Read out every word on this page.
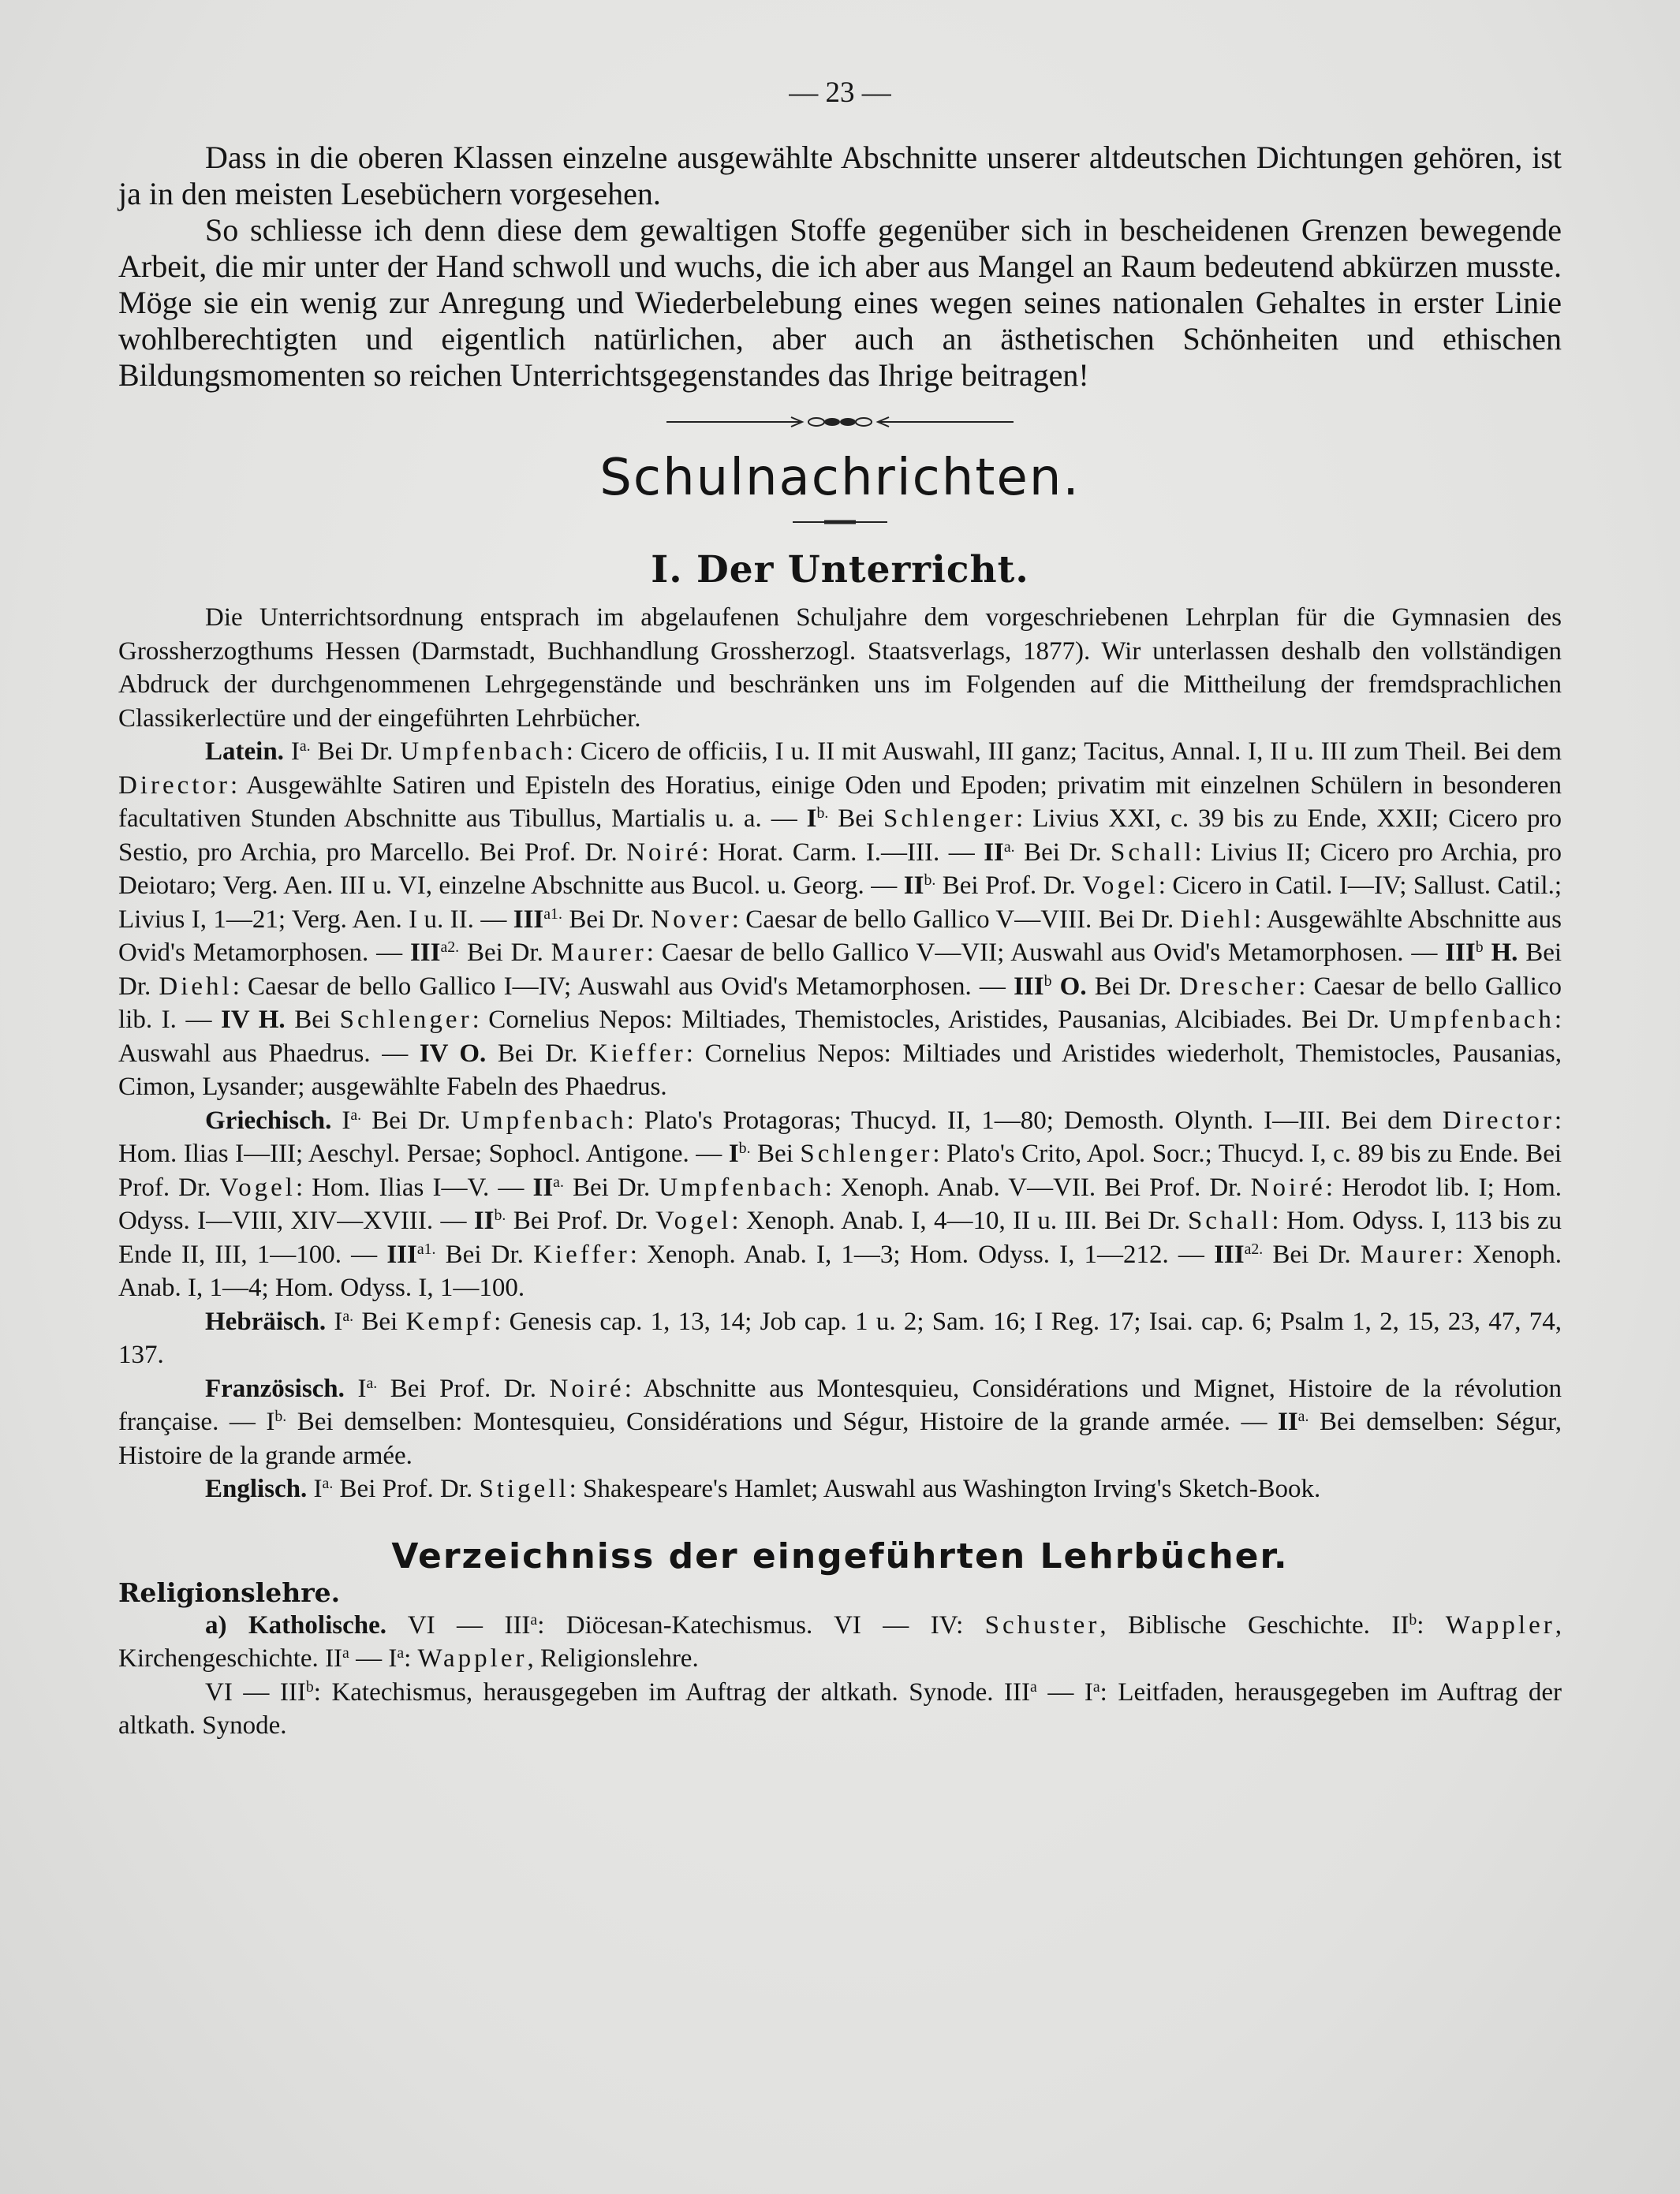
— 23 —

Dass in die oberen Klassen einzelne ausgewählte Abschnitte unserer altdeutschen Dichtungen gehören, ist ja in den meisten Lesebüchern vorgesehen.

So schliesse ich denn diese dem gewaltigen Stoffe gegenüber sich in bescheidenen Grenzen bewegende Arbeit, die mir unter der Hand schwoll und wuchs, die ich aber aus Mangel an Raum bedeutend abkürzen musste. Möge sie ein wenig zur Anregung und Wiederbelebung eines wegen seines nationalen Gehaltes in erster Linie wohlberechtigten und eigentlich natürlichen, aber auch an ästhetischen Schönheiten und ethischen Bildungsmomenten so reichen Unterrichtsgegenstandes das Ihrige beitragen!

Schulnachrichten.
I. Der Unterricht.

Die Unterrichtsordnung entsprach im abgelaufenen Schuljahre dem vorgeschriebenen Lehrplan für die Gymnasien des Grossherzogthums Hessen (Darmstadt, Buchhandlung Grossherzogl. Staatsverlags, 1877). Wir unterlassen deshalb den vollständigen Abdruck der durchgenommenen Lehrgegenstände und beschränken uns im Folgenden auf die Mittheilung der fremdsprachlichen Classikerlectüre und der eingeführten Lehrbücher.

Latein. $I^{a.}$ Bei Dr. Umpfenbach: Cicero de officiis, I u. II mit Auswahl, III ganz; Tacitus, Annal. I, II u. III zum Theil. Bei dem Director: Ausgewählte Satiren und Episteln des Horatius, einige Oden und Epoden; privatim mit einzelnen Schülern in besonderen facultativen Stunden Abschnitte aus Tibullus, Martialis u. a. — $I^{b.}$ Bei Schlenger: Livius XXI, c. 39 bis zu Ende, XXII; Cicero pro Sestio, pro Archia, pro Marcello. Bei Prof. Dr. Noiré: Horat. Carm. I.—III. — $II^{a.}$ Bei Dr. Schall: Livius II; Cicero pro Archia, pro Deiotaro; Verg. Aen. III u. VI, einzelne Abschnitte aus Bucol. u. Georg. — $II^{b.}$ Bei Prof. Dr. Vogel: Cicero in Catil. I—IV; Sallust. Catil.; Livius I, 1—21; Verg. Aen. I u. II. — $III^{a1.}$ Bei Dr. Nover: Caesar de bello Gallico V—VIII. Bei Dr. Diehl: Ausgewählte Abschnitte aus Ovid's Metamorphosen. — $III^{a2.}$ Bei Dr. Maurer: Caesar de bello Gallico V—VII; Auswahl aus Ovid's Metamorphosen. — III$^b$ H. Bei Dr. Diehl: Caesar de bello Gallico I—IV; Auswahl aus Ovid's Metamorphosen. — III$^b$ O. Bei Dr. Drescher: Caesar de bello Gallico lib. I. — IV H. Bei Schlenger: Cornelius Nepos: Miltiades, Themistocles, Aristides, Pausanias, Alcibiades. Bei Dr. Umpfenbach: Auswahl aus Phaedrus. — IV O. Bei Dr. Kieffer: Cornelius Nepos: Miltiades und Aristides wiederholt, Themistocles, Pausanias, Cimon, Lysander; ausgewählte Fabeln des Phaedrus.

Griechisch. $I^{a.}$ Bei Dr. Umpfenbach: Plato's Protagoras; Thucyd. II, 1—80; Demosth. Olynth. I—III. Bei dem Director: Hom. Ilias I—III; Aeschyl. Persae; Sophocl. Antigone. — $I^{b.}$ Bei Schlenger: Plato's Crito, Apol. Socr.; Thucyd. I, c. 89 bis zu Ende. Bei Prof. Dr. Vogel: Hom. Ilias I—V. — $II^{a.}$ Bei Dr. Umpfenbach: Xenoph. Anab. V—VII. Bei Prof. Dr. Noiré: Herodot lib. I; Hom. Odyss. I—VIII, XIV—XVIII. — $II^{b.}$ Bei Prof. Dr. Vogel: Xenoph. Anab. I, 4—10, II u. III. Bei Dr. Schall: Hom. Odyss. I, 113 bis zu Ende II, III, 1—100. — $III^{a1.}$ Bei Dr. Kieffer: Xenoph. Anab. I, 1—3; Hom. Odyss. I, 1—212. — $III^{a2.}$ Bei Dr. Maurer: Xenoph. Anab. I, 1—4; Hom. Odyss. I, 1—100.

Hebräisch. $I^{a.}$ Bei Kempf: Genesis cap. 1, 13, 14; Job cap. 1 u. 2; Sam. 16; I Reg. 17; Isai. cap. 6; Psalm 1, 2, 15, 23, 47, 74, 137.

Französisch. $I^{a.}$ Bei Prof. Dr. Noiré: Abschnitte aus Montesquieu, Considérations und Mignet, Histoire de la révolution française. — $I^{b.}$ Bei demselben: Montesquieu, Considérations und Ségur, Histoire de la grande armée. — $II^{a.}$ Bei demselben: Ségur, Histoire de la grande armée.

Englisch. $I^{a.}$ Bei Prof. Dr. Stigell: Shakespeare's Hamlet; Auswahl aus Washington Irving's Sketch-Book.

Verzeichniss der eingeführten Lehrbücher.
Religionslehre.

a) Katholische. VI — III$^a$: Diöcesan-Katechismus. VI — IV: Schuster, Biblische Geschichte. $II^b$: Wappler, Kirchengeschichte. $II^a$ — $I^a$: Wappler, Religionslehre.

VI — III$^b$: Katechismus, herausgegeben im Auftrag der altkath. Synode. III$^a$ — $I^a$: Leitfaden, herausgegeben im Auftrag der altkath. Synode.
